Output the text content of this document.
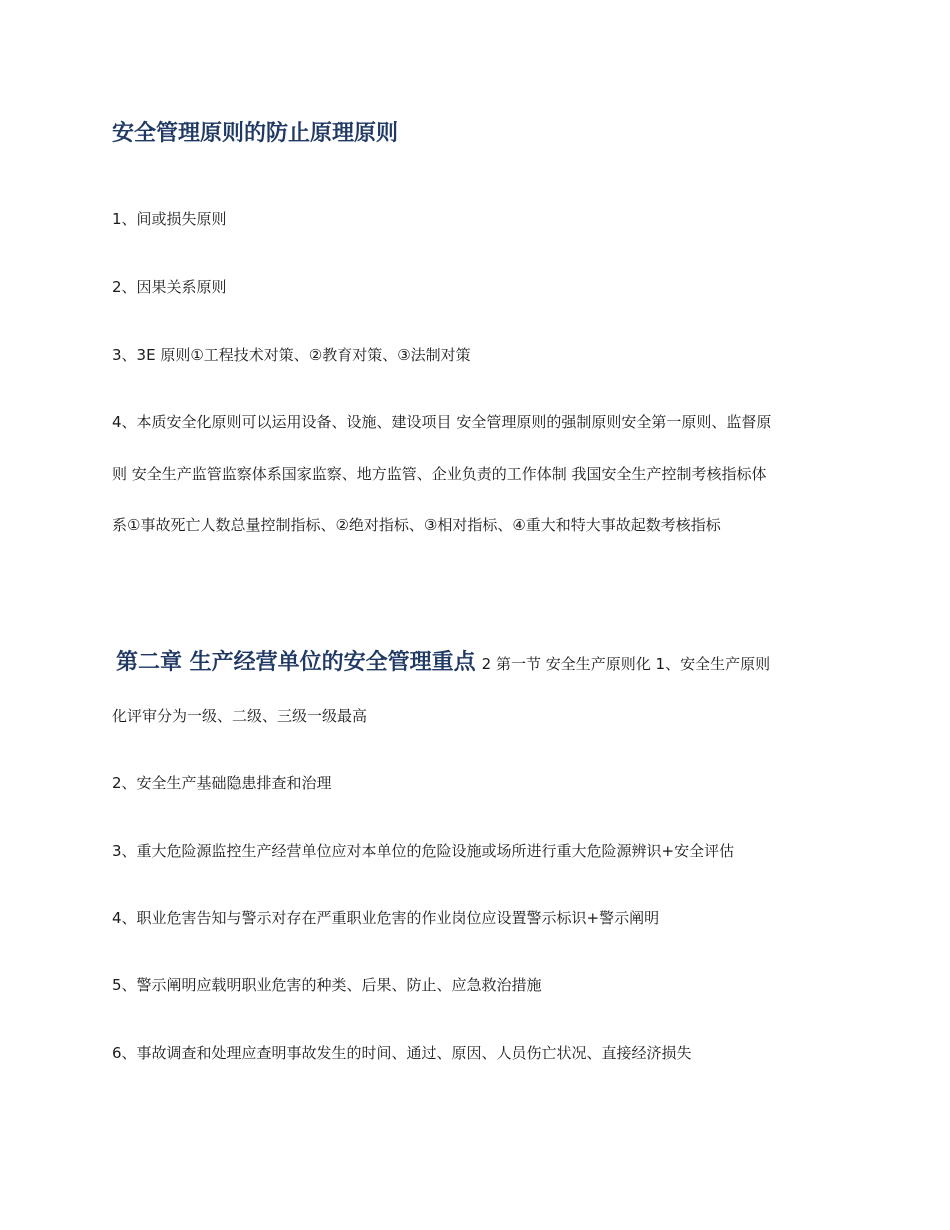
安全管理原则的防止原理原则
1、间或损失原则
2、因果关系原则
3、3E 原则①工程技术对策、②教育对策、③法制对策
4、本质安全化原则可以运用设备、设施、建设项目 安全管理原则的强制原则安全第一原则、监督原
则 安全生产监管监察体系国家监察、地方监管、企业负责的工作体制 我国安全生产控制考核指标体
系①事故死亡人数总量控制指标、②绝对指标、③相对指标、④重大和特大事故起数考核指标
第二章 生产经营单位的安全管理重点 2 第一节 安全生产原则化 1、安全生产原则
化评审分为一级、二级、三级一级最高
2、安全生产基础隐患排查和治理
3、重大危险源监控生产经营单位应对本单位的危险设施或场所进行重大危险源辨识+安全评估
4、职业危害告知与警示对存在严重职业危害的作业岗位应设置警示标识+警示阐明
5、警示阐明应载明职业危害的种类、后果、防止、应急救治措施
6、事故调查和处理应查明事故发生的时间、通过、原因、人员伤亡状况、直接经济损失
